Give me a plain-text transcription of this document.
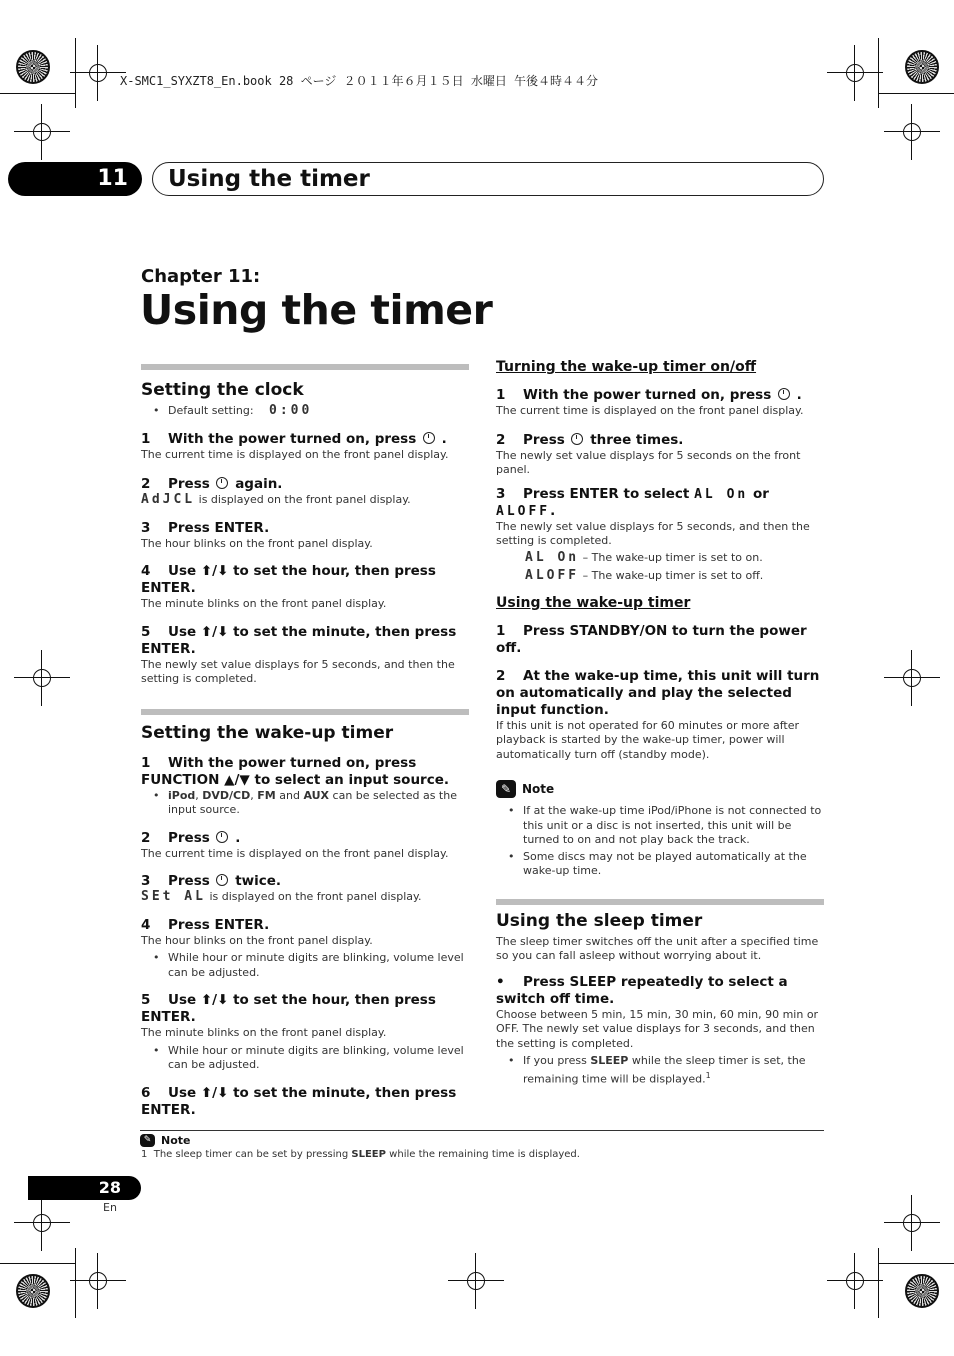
X-SMC1_SYXZT8_En.book 28 ページ ２０１１年６月１５日 水曜日 午後４時４４分
11	Using the timer
Chapter 11:
Using the timer
Setting the clock
• Default setting: 0:00
1 With the power turned on, press .
The current time is displayed on the front panel display.
2 Press again.
AdJCL is displayed on the front panel display.
3 Press ENTER.
The hour blinks on the front panel display.
4 Use ⬆/⬇ to set the hour, then press ENTER.
The minute blinks on the front panel display.
5 Use ⬆/⬇ to set the minute, then press ENTER.
The newly set value displays for 5 seconds, and then the setting is completed.
Setting the wake-up timer
1 With the power turned on, press FUNCTION ▲/▼ to select an input source.
• iPod, DVD/CD, FM and AUX can be selected as the input source.
2 Press .
The current time is displayed on the front panel display.
3 Press twice.
SEt AL is displayed on the front panel display.
4 Press ENTER.
The hour blinks on the front panel display.
• While hour or minute digits are blinking, volume level can be adjusted.
5 Use ⬆/⬇ to set the hour, then press ENTER.
The minute blinks on the front panel display.
• While hour or minute digits are blinking, volume level can be adjusted.
6 Use ⬆/⬇ to set the minute, then press ENTER.
Turning the wake-up timer on/off
1 With the power turned on, press .
The current time is displayed on the front panel display.
2 Press three times.
The newly set value displays for 5 seconds on the front panel.
3 Press ENTER to select AL On or ALOFF.
The newly set value displays for 5 seconds, and then the setting is completed.
AL On – The wake-up timer is set to on.
ALOFF – The wake-up timer is set to off.
Using the wake-up timer
1 Press STANDBY/ON to turn the power off.
2 At the wake-up time, this unit will turn on automatically and play the selected input function.
If this unit is not operated for 60 minutes or more after playback is started by the wake-up timer, power will automatically turn off (standby mode).
✎ Note
• If at the wake-up time iPod/iPhone is not connected to this unit or a disc is not inserted, this unit will be turned to on and not play back the track.
• Some discs may not be played automatically at the wake-up time.
Using the sleep timer
The sleep timer switches off the unit after a specified time so you can fall asleep without worrying about it.
• Press SLEEP repeatedly to select a switch off time.
Choose between 5 min, 15 min, 30 min, 60 min, 90 min or OFF. The newly set value displays for 3 seconds, and then the setting is completed.
• If you press SLEEP while the sleep timer is set, the remaining time will be displayed.$^1$
✎ Note
1 The sleep timer can be set by pressing SLEEP while the remaining time is displayed.
28
En
